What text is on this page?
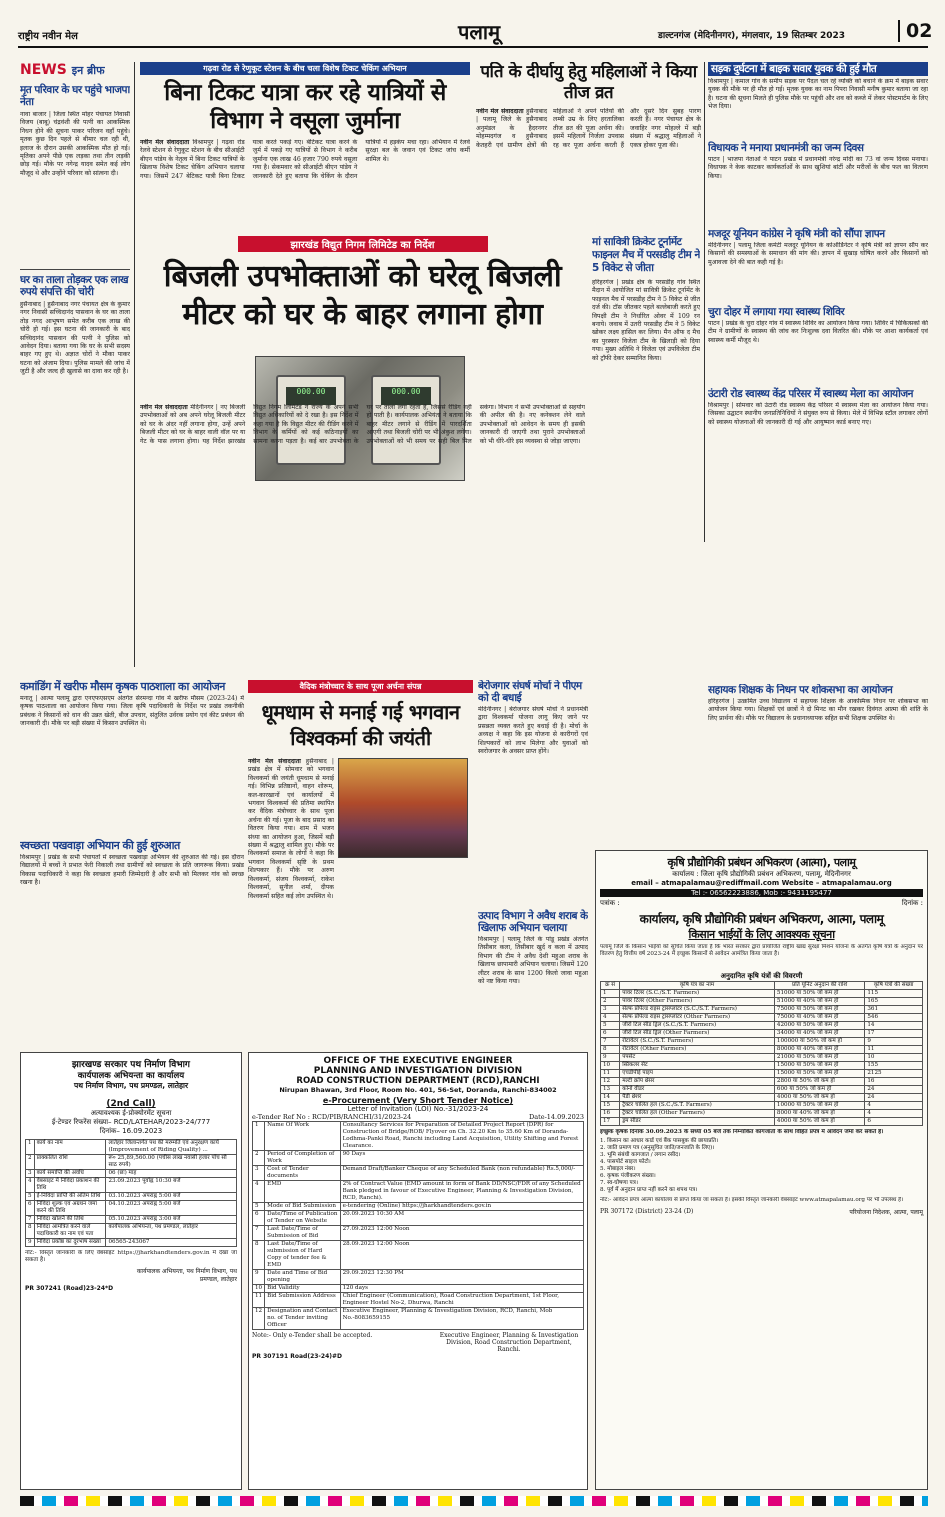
राष्ट्रीय नवीन मेल	पलामू	डाल्टनगंज (मेदिनीनगर), मंगलवार, 19 सितम्बर 2023	02
NEWS इन ब्रीफ
मृत परिवार के घर पहुंचे भाजपा नेता
नावा बाजार | जिला स्थित मोहर पंचायत निवासी विजय (बाबू) चंद्रवंशी की पत्नी का आकस्मिक निधन होने की सूचना पाकर परिजन वहाँ पहुंचे। मृतक कुछ दिन पहले से बीमार चल रही थी, इलाज के दौरान उसकी आकस्मिक मौत हो गई। मृतिका अपने पीछे एक लड़का तथा तीन लड़की छोड़ गई। मौके पर नगेन्द्र यादव समेत कई लोग मौजूद थे और उन्होंने परिवार को सांत्वना दी।
घर का ताला तोड़कर एक लाख रुपये संपत्ति की चोरी
हुसैनाबाद | हुसैनाबाद नगर पंचायत क्षेत्र के कुमार नगर निवासी सच्चिदानंद पासवान के घर का ताला तोड़ नगद आभूषण समेत करीब एक लाख की चोरी हो गई। इस घटना की जानकारी के बाद सच्चिदानंद पासवान की पत्नी ने पुलिस को आवेदन दिया। बताया गया कि घर के सभी सदस्य बाहर गए हुए थे। अज्ञात चोरों ने मौका पाकर घटना को अंजाम दिया। पुलिस मामले की जांच में जुटी है और जल्द ही खुलासे का दावा कर रही है।
गढ़वा रोड से रेणुकूट स्टेशन के बीच चला विशेष टिकट चेकिंग अभियान
बिना टिकट यात्रा कर रहे यात्रियों से विभाग ने वसूला जुर्माना
नवीन मेल संवाददाता विश्रामपुर | गढ़वा रोड रेलवे स्टेशन से रेणुकूट स्टेशन के बीच सीआईटी बीएन पांडेय के नेतृत्व में बिना टिकट यात्रियों के खिलाफ विशेष टिकट चेकिंग अभियान चलाया गया। जिसमें 247 बेटिकट यात्री बिना टिकट यात्रा करते पकड़े गए। बेटिकट यात्रा करने के जुर्म में पकड़े गए यात्रियों से विभाग ने करीब जुर्माना एक लाख 46 हजार 790 रुपये वसूला गया है। सेकमवार को सीआईटी बीएन पांडेय ने जानकारी देते हुए बताया कि चेकिंग के दौरान यात्रियों में हड़कंप मचा रहा। अभियान में रेलवे सुरक्षा बल के जवान एवं टिकट जांच कर्मी शामिल थे।
पति के दीर्घायु हेतु महिलाओं ने किया तीज व्रत
नवीन मेल संवाददाता हुसैनाबाद | पलामू जिले के हुसैनाबाद अनुमंडल के हैदरनगर मोहम्मदगंज व हुसैनाबाद केतहरी एवं ग्रामीण क्षेत्रों की महिलाओं ने अपने पतियों की लम्बी उम्र के लिए हरतालिका तीज व्रत की पूजा अर्चना की। इसमें महिलायें निर्जला उपवास रह कर पूजा अर्चना करती हैं और दूसरे दिन सुबह पारण करती हैं। नगर पंचायत क्षेत्र के जवाहिर नगर मोहल्ले में बड़ी संख्या में श्रद्धालु महिलाओं ने एकत्र होकर पूजा की।
झारखंड विद्युत निगम लिमिटेड का निर्देश
बिजली उपभोक्ताओं को घरेलू बिजली मीटर को घर के बाहर लगाना होगा
000.00	000.00
नवीन मेल संवाददाता मेदिनीनगर | नए बिजली उपभोक्ताओं को अब अपने घरेलू बिजली मीटर को घर के अंदर नहीं लगाना होगा, उन्हें अपने बिजली मीटर को घर के बाहर वाली वॉल पर या गेट के पास लगाना होगा। यह निर्देश झारखंड विद्युत निगम लिमिटेड ने राज्य के अपने सभी विद्युत अधिकारियों को दे रखा है। इस निर्देश में कहा गया है कि विद्युत मीटर की रीडिंग करने में विभाग के कर्मियों को कई कठिनाइयों का सामना करना पड़ता है। कई बार उपभोक्ता के घर पर ताला लगा रहता है, जिससे रीडिंग नहीं हो पाती है। कार्यपालक अभियंता ने बताया कि बाहर मीटर लगाने से रीडिंग में पारदर्शिता आएगी तथा बिजली चोरी पर भी अंकुश लगेगा। उपभोक्ताओं को भी समय पर सही बिल मिल सकेगा। विभाग ने सभी उपभोक्ताओं से सहयोग की अपील की है। नए कनेक्शन लेने वाले उपभोक्ताओं को आवेदन के समय ही इसकी जानकारी दी जाएगी तथा पुराने उपभोक्ताओं को भी धीरे-धीरे इस व्यवस्था से जोड़ा जाएगा।
मां सावित्री क्रिकेट टूर्नामेंट फाइनल मैच में परसडीह टीम ने 5 विकेट से जीता
हरिहरगंज | प्रखंड क्षेत्र के परसडीह गांव स्थित मैदान में आयोजित मां सावित्री क्रिकेट टूर्नामेंट के फाइनल मैच में परसडीह टीम ने 5 विकेट से जीत दर्ज की। टॉस जीतकर पहले बल्लेबाजी करते हुए विपक्षी टीम ने निर्धारित ओवर में 109 रन बनाये। जवाब में उतरी परसडीह टीम ने 5 विकेट खोकर लक्ष्य हासिल कर लिया। मैन ऑफ द मैच का पुरस्कार विजेता टीम के खिलाड़ी को दिया गया। मुख्य अतिथि ने विजेता एवं उपविजेता टीम को ट्रॉफी देकर सम्मानित किया।
सड़क दुर्घटना में बाइक सवार युवक की हुई मौत
विश्रामपुर | कमाल गांव के समीप सड़क पर पैदल चल रहे व्यक्ति को बचाने के क्रम में बाइक सवार युवक की मौके पर ही मौत हो गई। मृतक युवक का नाम पिपरा निवासी मनीष कुमार बताया जा रहा है। घटना की सूचना मिलते ही पुलिस मौके पर पहुंची और शव को कब्जे में लेकर पोस्टमार्टम के लिए भेज दिया।
विधायक ने मनाया प्रधानमंत्री का जन्म दिवस
पाटन | भाजपा नेताओं ने पाटन प्रखंड में प्रधानमंत्री नरेन्द्र मोदी का 73 वां जन्म दिवस मनाया। विधायक ने केक काटकर कार्यकर्ताओं के साथ खुशियां बांटीं और मरीजों के बीच फल का वितरण किया।
मजदूर यूनियन कांग्रेस ने कृषि मंत्री को सौंपा ज्ञापन
मेदिनीनगर | पलामू जिला कमेटी मजदूर यूनियन के कोऑर्डिनेटर ने कृषि मंत्री को ज्ञापन सौंप कर किसानों की समस्याओं के समाधान की मांग की। ज्ञापन में सुखाड़ घोषित करने और किसानों को मुआवजा देने की बात कही गई है।
चुरा दोहर में लगाया गया स्वास्थ्य शिविर
पाटन | प्रखंड के चुरा दोहर गांव में स्वास्थ्य शिविर का आयोजन किया गया। शिविर में चिकित्सकों की टीम ने ग्रामीणों के स्वास्थ्य की जांच कर निःशुल्क दवा वितरित की। मौके पर आशा कार्यकर्ता एवं स्वास्थ्य कर्मी मौजूद थे।
उंटारी रोड स्वास्थ्य केंद्र परिसर में स्वास्थ्य मेला का आयोजन
विश्रामपुर | सोमवार को उंटारी रोड स्वास्थ्य केंद्र परिसर में स्वास्थ्य मेला का आयोजन किया गया। जिसका उद्घाटन स्थानीय जनप्रतिनिधियों ने संयुक्त रूप से किया। मेले में विभिन्न स्टॉल लगाकर लोगों को स्वास्थ्य योजनाओं की जानकारी दी गई और आयुष्मान कार्ड बनाए गए।
सहायक शिक्षक के निधन पर शोकसभा का आयोजन
हरिहरगंज | उत्क्रमित उच्च विद्यालय में सहायक शिक्षक के आकस्मिक निधन पर शोकसभा का आयोजन किया गया। शिक्षकों एवं छात्रों ने दो मिनट का मौन रखकर दिवंगत आत्मा की शांति के लिए प्रार्थना की। मौके पर विद्यालय के प्रधानाध्यापक सहित सभी शिक्षक उपस्थित थे।
कमांडिंग में खरीफ मौसम कृषक पाठशाला का आयोजन
मनातू | आत्मा पलामू द्वारा एनएफएसएम अंतर्गत सेरमन्दा गांव में खरीफ मौसम (2023-24) में कृषक पाठशाला का आयोजन किया गया। जिला कृषि पदाधिकारी के निर्देश पर प्रखंड तकनीकी प्रबंधक ने किसानों को धान की उन्नत खेती, बीज उपचार, संतुलित उर्वरक प्रयोग एवं कीट प्रबंधन की जानकारी दी। मौके पर बड़ी संख्या में किसान उपस्थित थे।
स्वच्छता पखवाड़ा अभियान की हुई शुरुआत
विश्रामपुर | प्रखंड के सभी पंचायतों में स्वच्छता पखवाड़ा अभियान की शुरुआत की गई। इस दौरान विद्यालयों में बच्चों ने प्रभात फेरी निकाली तथा ग्रामीणों को स्वच्छता के प्रति जागरूक किया। प्रखंड विकास पदाधिकारी ने कहा कि स्वच्छता हमारी जिम्मेदारी है और सभी को मिलकर गांव को स्वच्छ रखना है।
वैदिक मंत्रोच्चार के साथ पूजा अर्चना संपन्न
धूमधाम से मनाई गई भगवान विश्वकर्मा की जयंती
नवीन मेल संवाददाता हुसैनाबाद | प्रखंड क्षेत्र में सोमवार को भगवान विश्वकर्मा की जयंती धूमधाम से मनाई गई। विभिन्न प्रतिष्ठानों, वाहन शोरूम, कल-कारखानों एवं कार्यालयों में भगवान विश्वकर्मा की प्रतिमा स्थापित कर वैदिक मंत्रोच्चार के साथ पूजा अर्चना की गई। पूजा के बाद प्रसाद का वितरण किया गया। शाम में भजन संध्या का आयोजन हुआ, जिसमें बड़ी संख्या में श्रद्धालु शामिल हुए। मौके पर विश्वकर्मा समाज के लोगों ने कहा कि भगवान विश्वकर्मा सृष्टि के प्रथम शिल्पकार हैं। मौके पर अरुण विश्वकर्मा, संजय विश्वकर्मा, राकेश विश्वकर्मा, सुनील शर्मा, दीपक विश्वकर्मा सहित कई लोग उपस्थित थे।
बेरोजगार संघर्ष मोर्चा ने पीएम को दी बधाई
मेदिनीनगर | बेरोजगार संघर्ष मोर्चा ने प्रधानमंत्री द्वारा विश्वकर्मा योजना लागू किए जाने पर प्रसन्नता व्यक्त करते हुए बधाई दी है। मोर्चा के अध्यक्ष ने कहा कि इस योजना से कारीगरों एवं शिल्पकारों को लाभ मिलेगा और युवाओं को स्वरोजगार के अवसर प्राप्त होंगे।
उत्पाद विभाग ने अवैध शराब के खिलाफ अभियान चलाया
विश्रामपुर | पलामू जिले के पांडू प्रखंड अंतर्गत तिसीबार कला, तिसीबार खुर्द व कला में उत्पाद विभाग की टीम ने अवैध देशी महुआ शराब के खिलाफ छापामारी अभियान चलाया। जिसमें 120 लीटर शराब के साथ 1200 किलो जावा महुआ को नष्ट किया गया।
कृषि प्रौद्योगिकी प्रबंधन अभिकरण (आत्मा), पलामू
कार्यालय : जिला कृषि प्रौद्योगिकी प्रबंधन अभिकरण, पलामू, मेदिनीनगर
email – atmapalamau@rediffmail.com Website – atmapalamau.org
Tel :- 06562223886, Mob :- 9431195477
पत्रांक :	दिनांक :
कार्यालय, कृषि प्रौद्योगिकी प्रबंधन अभिकरण, आत्मा, पलामू
किसान भाईयों के लिए आवश्यक सूचना
पलामू जिले के किसान भाईयों को सूचित किया जाता है कि भारत सरकार द्वारा प्रायोजित राष्ट्रीय खाद्य सुरक्षा मिशन योजना के अंतर्गत कृषि यंत्रों के अनुदान पर वितरण हेतु वित्तीय वर्ष 2023-24 में इच्छुक किसानों से आवेदन आमंत्रित किया जाता है।
अनुदानित कृषि यंत्रों की विवरणी
क्र सं	कृषि यंत्र का नाम	प्रति यूनिट अनुदान की राशि	कृषि यंत्रों की संख्या
1	पावर टिलर (S.C./S.T. Farmers)	51000 या 50% जो कम हो	115
2	पावर टिलर (Other Farmers)	51000 या 40% जो कम हो	165
3	सेल्फ प्रोपेल्ड राइस ट्रांसप्लांटर (S.C./S.T. Farmers)	75000 या 50% जो कम हो	361
4	सेल्फ प्रोपेल्ड राइस ट्रांसप्लांटर (Other Farmers)	75000 या 40% जो कम हो	546
5	जीरो टिल सीड ड्रिल (S.C./S.T. Farmers)	42000 या 50% जो कम हो	14
6	जीरो टिल सीड ड्रिल (Other Farmers)	34000 या 40% जो कम हो	17
7	रोटावेटर (S.C./S.T. Farmers)	100000 या 50% जो कम हो	9
8	रोटावेटर (Other Farmers)	80000 या 40% जो कम हो	11
9	पंपसेट	21000 या 50% जो कम हो	10
10	स्प्रिंकलर सेट	15000 या 50% जो कम हो	155
11	एचडीपीई पाइप	15000 या 50% जो कम हो	2125
12	मल्टी क्रॉप थ्रेसर	2800 या 50% जो कम हो	16
13	कोनो वीडर	600 या 50% जो कम हो	24
14	पैडी थ्रेशर	4000 या 50% जो कम हो	24
15	ट्रैक्टर चालित हल (S.C./S.T. Farmers)	10000 या 50% जो कम हो	4
16	ट्रैक्टर चालित हल (Other Farmers)	8000 या 40% जो कम हो	4
17	ड्रम सीडर	4000 या 50% जो कम हो	6
इच्छुक कृषक दिनांक 30.09.2023 के संध्या 05 बजे तक निम्नांकित कागजातों के साथ विहित प्रपत्र में आवेदन जमा कर सकते हैं।
1. किसान का आधार कार्ड एवं बैंक पासबुक की छायाप्रति।
2. जाति प्रमाण पत्र (अनुसूचित जाति/जनजाति के लिए)।
3. भूमि संबंधी कागजात / लगान रसीद।
4. पासपोर्ट साइज फोटो।
5. मोबाइल नंबर।
6. कृषक पंजीकरण संख्या।
7. स्व-घोषणा पत्र।
8. पूर्व में अनुदान प्राप्त नहीं करने का शपथ पत्र।
नोट:- आवेदन प्रपत्र आत्मा कार्यालय से प्राप्त किया जा सकता है। इसकी विस्तृत जानकारी वेबसाइट www.atmapalamau.org पर भी उपलब्ध है।
PR 307172 (District) 23-24 (D)	परियोजना निदेशक, आत्मा, पलामू
OFFICE OF THE EXECUTIVE ENGINEER
PLANNING AND INVESTIGATION DIVISION
ROAD CONSTRUCTION DEPARTMENT (RCD),RANCHI
Nirupan Bhawan, 3rd Floor, Room No. 401, 56-Set, Doranda, Ranchi-834002
e-Procurement (Very Short Tender Notice)
Letter of Invitation (LOI) No.-31/2023-24
e-Tender Ref No : RCD/PIB/RANCHI/31/2023-24	Date-14.09.2023
1	Name Of Work	Consultancy Services for Preparation of Detailed Project Report (DPR) for Construction of Bridge/ROB/ Flyover on Ch. 32.20 Km to 35.60 Km of Doranda-Lodhma-Panki Road, Ranchi including Land Acquisition, Utility Shifting and Forest Clearance.
2	Period of Completion of Work	90 Days
3	Cost of Tender documents	Demand Draft/Banker Cheque of any Scheduled Bank (non refundable) Rs.5,000/-
4	EMD	2% of Contract Value (EMD amount in form of Bank DD/NSC/FDR of any Scheduled Bank pledged in favour of Executive Engineer, Planning & Investigation Division, RCD, Ranchi).
5	Mode of Bid Submission	e-tendering (Online) https://jharkhandtenders.gov.in
6	Date/Time of Publication of Tender on Website	20.09.2023 10:30 AM
7	Last Date/Time of Submission of Bid	27.09.2023 12:00 Noon
8	Last Date/Time of submission of Hard Copy of tender fee & EMD	28.09.2023 12:00 Noon
9	Date and Time of Bid opening	29.09.2023 12:30 PM
10	Bid Validity	120 days
11	Bid Submission Address	Chief Engineer (Communication), Road Construction Department, 1st Floor, Engineer Hostel No-2, Dhurwa, Ranchi
12	Designation and Contact no. of Tender inviting Officer	Executive Engineer, Planning & Investigation Division, RCD, Ranchi, Mob No.-8083659155
Note:- Only e-Tender shall be accepted.	Executive Engineer, Planning & Investigation Division, Road Construction Department, Ranchi.
PR 307191 Road(23-24)#D
झारखण्ड सरकार पथ निर्माण विभाग
कार्यपालक अभियन्ता का कार्यालय
पथ निर्माण विभाग, पथ प्रमण्डल, लातेहार
(2nd Call)
अत्यावश्यक ई-प्रोक्योरमेंट सूचना
ई-टेण्डर रिफरेंस संख्या– RCD/LATEHAR/2023-24/777
दिनांक– 16.09.2023
1	कार्य का नाम	लातेहार जिलान्तर्गत पथ की मरम्मति एवं अनुरक्षण कार्य (Improvement of Riding Quality) ...
2	प्राक्कलित राशि	रू० 25,89,560.00 (पचीस लाख नवासी हजार पाँच सौ साठ रुपये)
3	कार्य समाप्ति की अवधि	06 (छः) माह
4	वेबसाइट में निविदा प्रकाशन की तिथि	23.09.2023 पूर्वाह्न 10:30 बजे
5	ई-निविदा प्राप्ति की अंतिम तिथि	03.10.2023 अपराह्न 5:00 बजे
6	निविदा शुल्क एवं अग्रधन जमा करने की तिथि	04.10.2023 अपराह्न 5:00 बजे
7	निविदा खोलने की तिथि	05.10.2023 अपराह्न 3:00 बजे
8	निविदा आमंत्रित करने वाले पदाधिकारी का नाम एवं पता	कार्यपालक अभियन्ता, पथ प्रमण्डल, लातेहार
9	निविदा प्रकोष्ठ का दूरभाष संख्या	06565-243067
नोट:- विस्तृत जानकारी के लिए वेबसाइट https://jharkhandtenders.gov.in में देखा जा सकता है।
कार्यपालक अभियन्ता, पथ निर्माण विभाग, पथ प्रमण्डल, लातेहार
PR 307241 (Road)23-24*D
